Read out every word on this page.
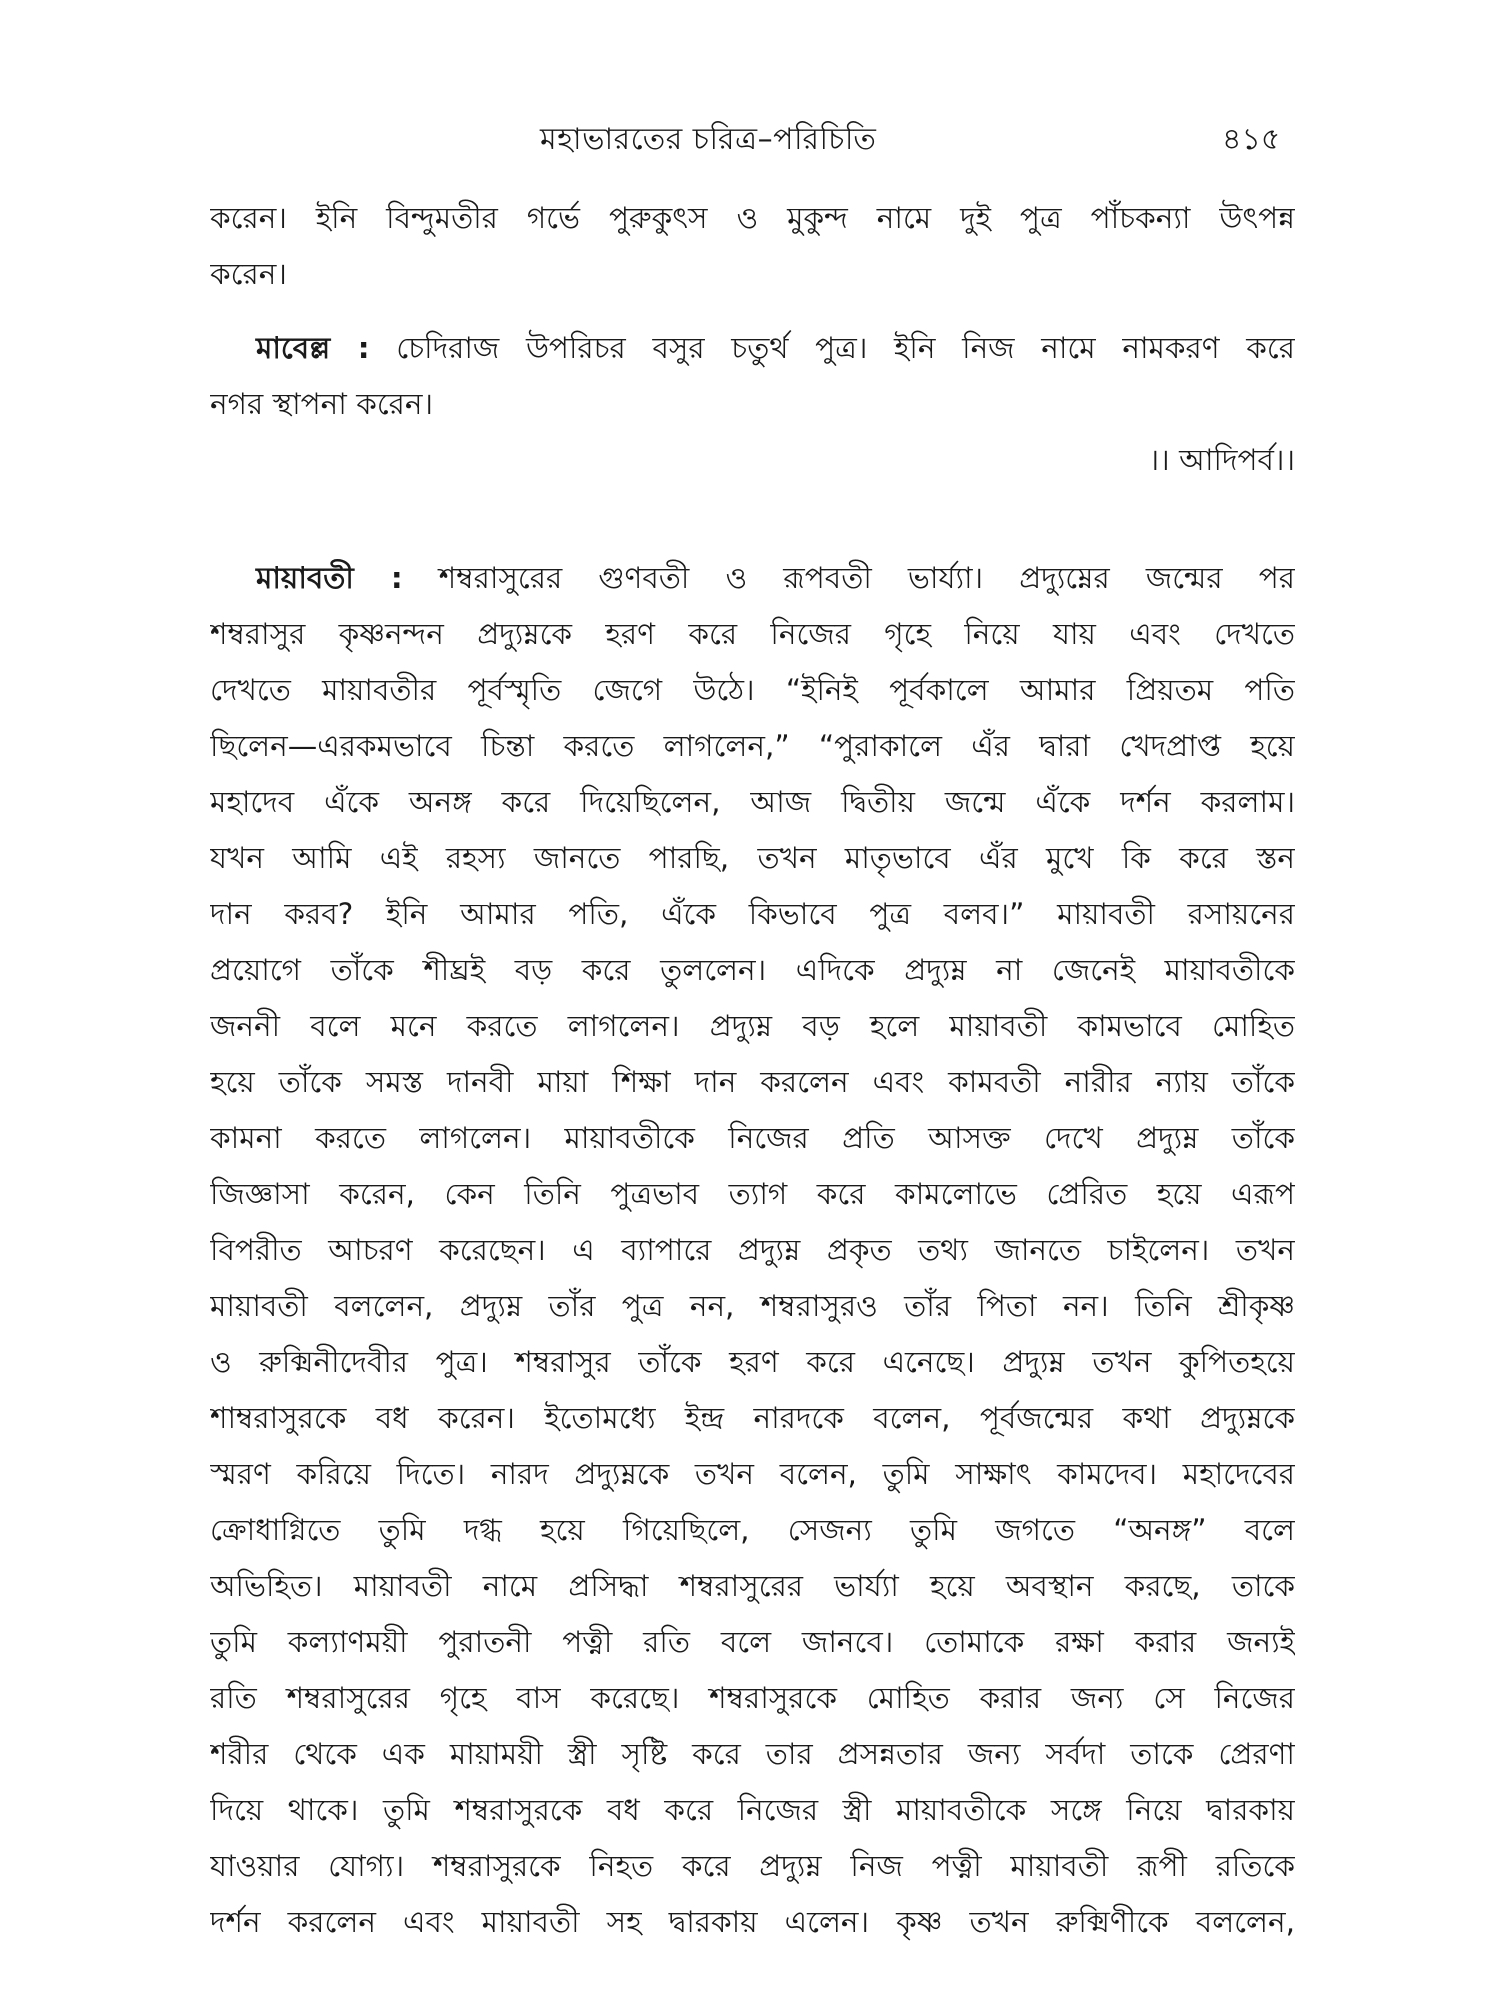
মহাভারতের চরিত্র–পরিচিতি	৪১৫
করেন। ইনি বিন্দুমতীর গর্ভে পুরুকুৎস ও মুকুন্দ নামে দুই পুত্র পাঁচকন্যা উৎপন্ন
করেন।
মাবেল্ল : চেদিরাজ উপরিচর বসুর চতুর্থ পুত্র। ইনি নিজ নামে নামকরণ করে
নগর স্থাপনা করেন।
।। আদিপর্ব।।
মায়াবতী : শম্বরাসুরের গুণবতী ও রূপবতী ভার্য্যা। প্রদ্যুম্নের জন্মের পর
শম্বরাসুর কৃষ্ণনন্দন প্রদ্যুম্নকে হরণ করে নিজের গৃহে নিয়ে যায় এবং দেখতে
দেখতে মায়াবতীর পূর্বস্মৃতি জেগে উঠে। “ইনিই পূর্বকালে আমার প্রিয়তম পতি
ছিলেন—এরকমভাবে চিন্তা করতে লাগলেন,” “পুরাকালে এঁর দ্বারা খেদপ্রাপ্ত হয়ে
মহাদেব এঁকে অনঙ্গ করে দিয়েছিলেন, আজ দ্বিতীয় জন্মে এঁকে দর্শন করলাম।
যখন আমি এই রহস্য জানতে পারছি, তখন মাতৃভাবে এঁর মুখে কি করে স্তন
দান করব? ইনি আমার পতি, এঁকে কিভাবে পুত্র বলব।” মায়াবতী রসায়নের
প্রয়োগে তাঁকে শীঘ্রই বড় করে তুললেন। এদিকে প্রদ্যুম্ন না জেনেই মায়াবতীকে
জননী বলে মনে করতে লাগলেন। প্রদ্যুম্ন বড় হলে মায়াবতী কামভাবে মোহিত
হয়ে তাঁকে সমস্ত দানবী মায়া শিক্ষা দান করলেন এবং কামবতী নারীর ন্যায় তাঁকে
কামনা করতে লাগলেন। মায়াবতীকে নিজের প্রতি আসক্ত দেখে প্রদ্যুম্ন তাঁকে
জিজ্ঞাসা করেন, কেন তিনি পুত্রভাব ত্যাগ করে কামলোভে প্রেরিত হয়ে এরূপ
বিপরীত আচরণ করেছেন। এ ব্যাপারে প্রদ্যুম্ন প্রকৃত তথ্য জানতে চাইলেন। তখন
মায়াবতী বললেন, প্রদ্যুম্ন তাঁর পুত্র নন, শম্বরাসুরও তাঁর পিতা নন। তিনি শ্রীকৃষ্ণ
ও রুক্মিনীদেবীর পুত্র। শম্বরাসুর তাঁকে হরণ করে এনেছে। প্রদ্যুম্ন তখন কুপিতহয়ে
শাম্বরাসুরকে বধ করেন। ইতোমধ্যে ইন্দ্র নারদকে বলেন, পূর্বজন্মের কথা প্রদ্যুম্নকে
স্মরণ করিয়ে দিতে। নারদ প্রদ্যুম্নকে তখন বলেন, তুমি সাক্ষাৎ কামদেব। মহাদেবের
ক্রোধাগ্নিতে তুমি দগ্ধ হয়ে গিয়েছিলে, সেজন্য তুমি জগতে “অনঙ্গ” বলে
অভিহিত। মায়াবতী নামে প্রসিদ্ধা শম্বরাসুরের ভার্য্যা হয়ে অবস্থান করছে, তাকে
তুমি কল্যাণময়ী পুরাতনী পত্নী রতি বলে জানবে। তোমাকে রক্ষা করার জন্যই
রতি শম্বরাসুরের গৃহে বাস করেছে। শম্বরাসুরকে মোহিত করার জন্য সে নিজের
শরীর থেকে এক মায়াময়ী স্ত্রী সৃষ্টি করে তার প্রসন্নতার জন্য সর্বদা তাকে প্রেরণা
দিয়ে থাকে। তুমি শম্বরাসুরকে বধ করে নিজের স্ত্রী মায়াবতীকে সঙ্গে নিয়ে দ্বারকায়
যাওয়ার যোগ্য। শম্বরাসুরকে নিহত করে প্রদ্যুম্ন নিজ পত্নী মায়াবতী রূপী রতিকে
দর্শন করলেন এবং মায়াবতী সহ দ্বারকায় এলেন। কৃষ্ণ তখন রুক্মিণীকে বললেন,
